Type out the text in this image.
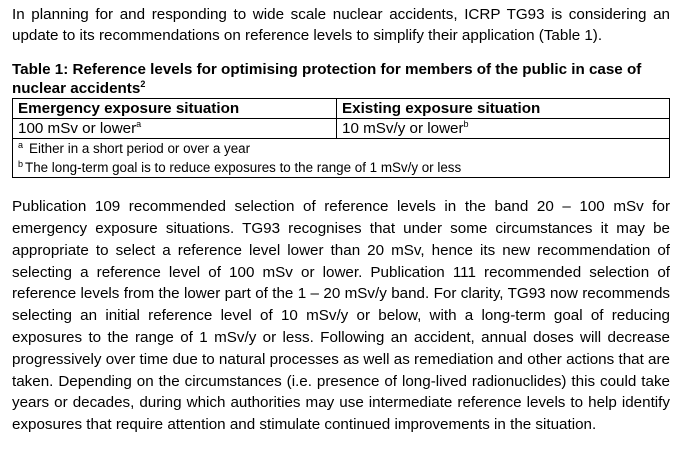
In planning for and responding to wide scale nuclear accidents, ICRP TG93 is considering an update to its recommendations on reference levels to simplify their application (Table 1).

Table 1: Reference levels for optimising protection for members of the public in case of nuclear accidents$^2$
Emergency exposure situation	Existing exposure situation
100 mSv or lower$^a$	10 mSv/y or lower$^b$

$^a$ Either in a short period or over a year
$^b$ The long-term goal is to reduce exposures to the range of 1 mSv/y or less	

Publication 109 recommended selection of reference levels in the band 20 – 100 mSv for emergency exposure situations. TG93 recognises that under some circumstances it may be appropriate to select a reference level lower than 20 mSv, hence its new recommendation of selecting a reference level of 100 mSv or lower. Publication 111 recommended selection of reference levels from the lower part of the 1 – 20 mSv/y band. For clarity, TG93 now recommends selecting an initial reference level of 10 mSv/y or below, with a long-term goal of reducing exposures to the range of 1 mSv/y or less. Following an accident, annual doses will decrease progressively over time due to natural processes as well as remediation and other actions that are taken. Depending on the circumstances (i.e. presence of long-lived radionuclides) this could take years or decades, during which authorities may use intermediate reference levels to help identify exposures that require attention and stimulate continued improvements in the situation.
